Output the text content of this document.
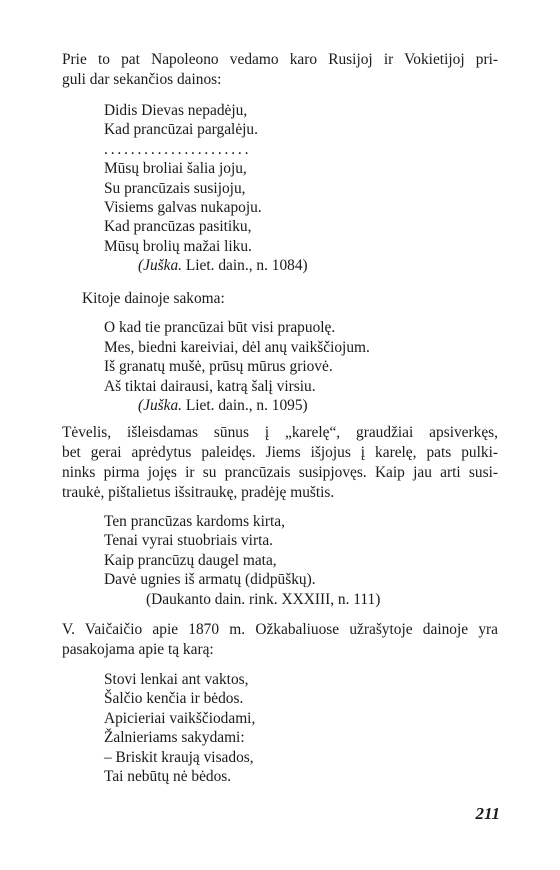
Prie to pat Napoleono vedamo karo Rusijoj ir Vokietijoj pri-
guli dar sekančios dainos:

Didis Dievas nepadėju,
Kad prancūzai pargalėju.
. . . . . . . . . . . . . . . . . . . . . .
Mūsų broliai šalia joju,
Su prancūzais susijoju,
Visiems galvas nukapoju.
Kad prancūzas pasitiku,
Mūsų brolių mažai liku.
(Juška. Liet. dain., n. 1084)

Kitoje dainoje sakoma:

O kad tie prancūzai būt visi prapuolę.
Mes, biedni kareiviai, dėl anų vaikščiojum.
Iš granatų mušė, prūsų mūrus griovė.
Aš tiktai dairausi, katrą šalį virsiu.
(Juška. Liet. dain., n. 1095)

Tėvelis, išleisdamas sūnus į „karelę“, graudžiai apsiverkęs,
bet gerai aprėdytus paleidęs. Jiems išjojus į karelę, pats pulki-
ninks pirma jojęs ir su prancūzais susipjovęs. Kaip jau arti susi-
traukė, pištalietus išsitraukę, pradėję muštis.

Ten prancūzas kardoms kirta,
Tenai vyrai stuobriais virta.
Kaip prancūzų daugel mata,
Davė ugnies iš armatų (didpūškų).
(Daukanto dain. rink. XXXIII, n. 111)

V. Vaičaičio apie 1870 m. Ožkabaliuose užrašytoje dainoje yra
pasakojama apie tą karą:

Stovi lenkai ant vaktos,
Šalčio kenčia ir bėdos.
Apicieriai vaikščiodami,
Žalnieriams sakydami:
– Briskit kraują visados,
Tai nebūtų nė bėdos.
211
